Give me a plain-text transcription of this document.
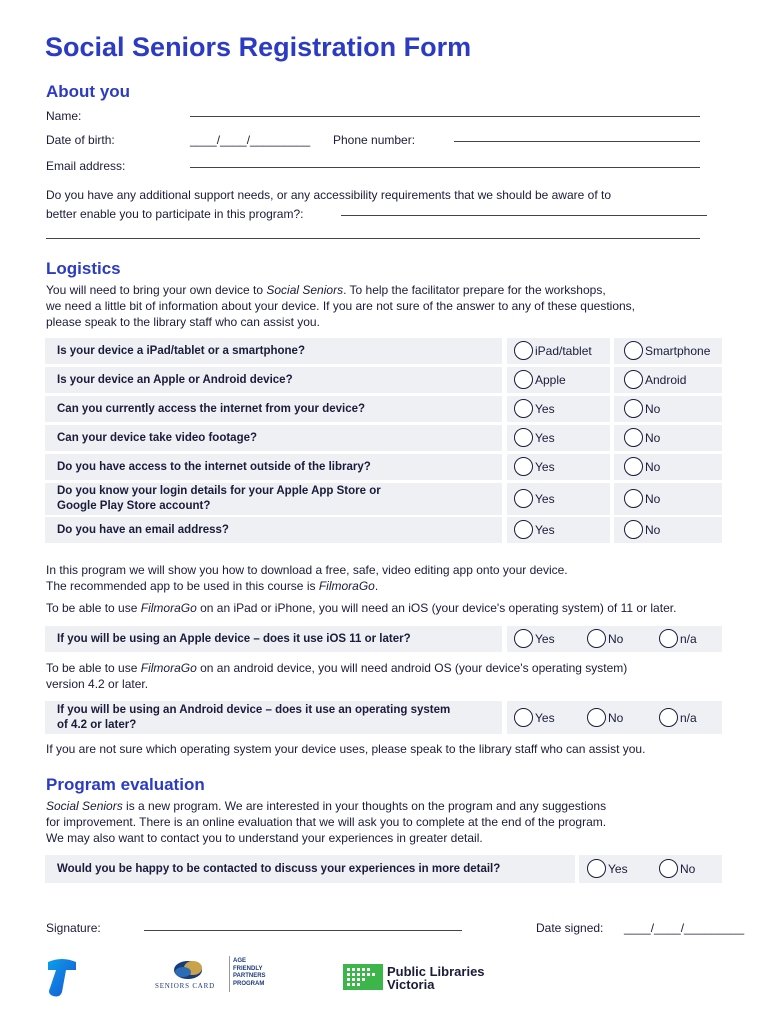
Social Seniors Registration Form
About you
Name:
Date of birth:	____/____/_________ Phone number:
Email address:
Do you have any additional support needs, or any accessibility requirements that we should be aware of to
better enable you to participate in this program?:
Logistics
You will need to bring your own device to Social Seniors. To help the facilitator prepare for the workshops,
we need a little bit of information about your device. If you are not sure of the answer to any of these questions,
please speak to the library staff who can assist you.
Is your device a iPad/tablet or a smartphone?	iPad/tablet	Smartphone
Is your device an Apple or Android device?	Apple	Android
Can you currently access the internet from your device?	Yes	No
Can your device take video footage?	Yes	No
Do you have access to the internet outside of the library?	Yes	No
Do you know your login details for your Apple App Store or
Google Play Store account?
Yes	No
Do you have an email address?	Yes	No
In this program we will show you how to download a free, safe, video editing app onto your device.
The recommended app to be used in this course is FilmoraGo.
To be able to use FilmoraGo on an iPad or iPhone, you will need an iOS (your device's operating system) of 11 or later.
If you will be using an Apple device – does it use iOS 11 or later?	Yes	No	n/a
To be able to use FilmoraGo on an android device, you will need android OS (your device's operating system)
version 4.2 or later.
If you will be using an Android device – does it use an operating system
of 4.2 or later?
Yes	No	n/a
If you are not sure which operating system your device uses, please speak to the library staff who can assist you.
Program evaluation
Social Seniors is a new program. We are interested in your thoughts on the program and any suggestions
for improvement. There is an online evaluation that we will ask you to complete at the end of the program.
We may also want to contact you to understand your experiences in greater detail.
Would you be happy to be contacted to discuss your experiences in more detail?	Yes	No
Signature:	Date signed: ____/____/_________
SENIORS CARD
AGE
FRIENDLY
PARTNERS
PROGRAM
Public Libraries
Victoria
